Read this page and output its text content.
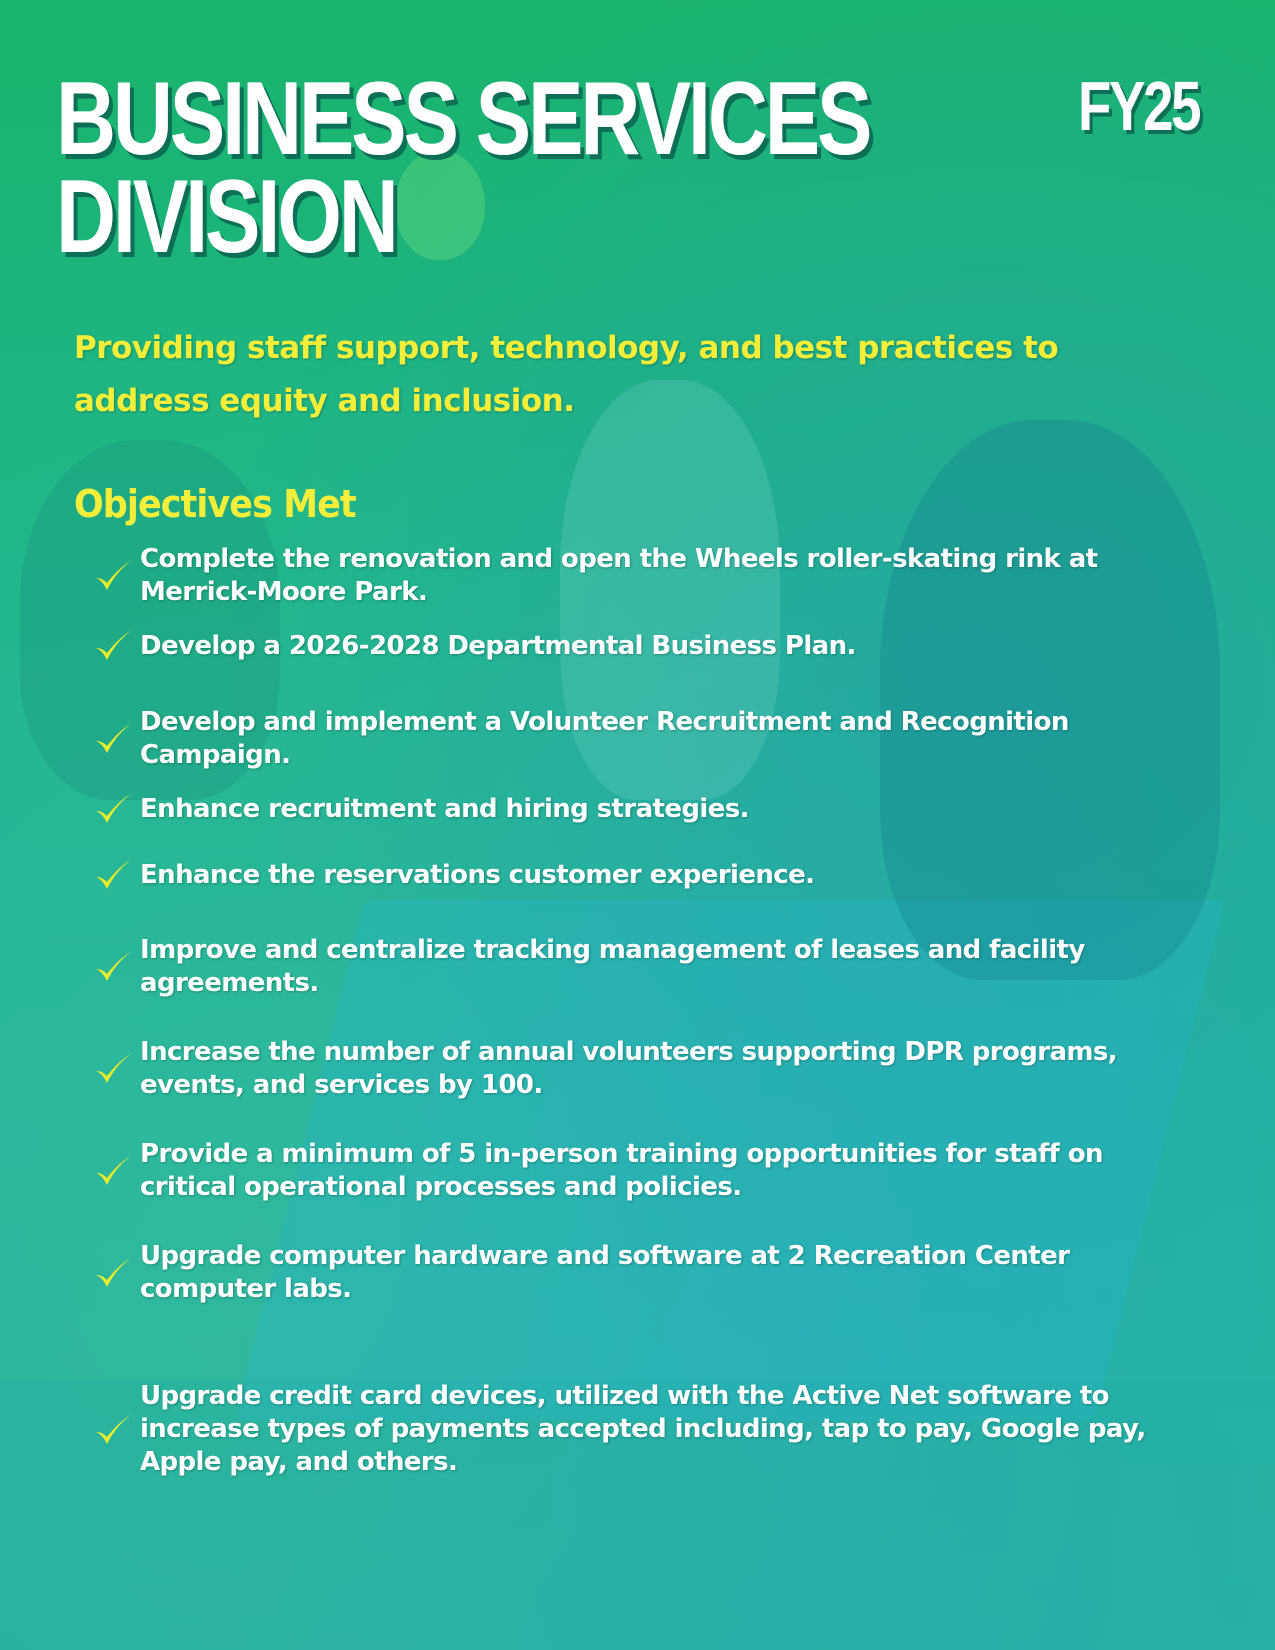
BUSINESS SERVICES
DIVISION
FY25

Providing staff support, technology, and best practices to
address equity and inclusion.

Objectives Met
Complete the renovation and open the Wheels roller-skating rink at
Merrick-Moore Park.
Develop a 2026-2028 Departmental Business Plan.
Develop and implement a Volunteer Recruitment and Recognition
Campaign.
Enhance recruitment and hiring strategies.
Enhance the reservations customer experience.
Improve and centralize tracking management of leases and facility
agreements.
Increase the number of annual volunteers supporting DPR programs,
events, and services by 100.
Provide a minimum of 5 in-person training opportunities for staff on
critical operational processes and policies.
Upgrade computer hardware and software at 2 Recreation Center
computer labs.
Upgrade credit card devices, utilized with the Active Net software to
increase types of payments accepted including, tap to pay, Google pay,
Apple pay, and others.
